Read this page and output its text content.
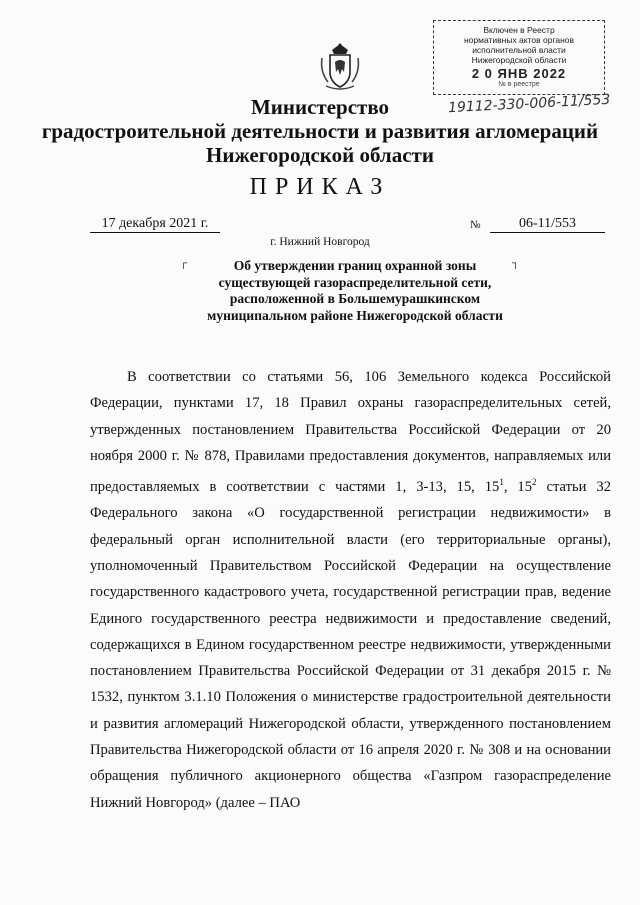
Включен в Реестр
нормативных актов органов
исполнительной власти
Нижегородской области
2 0 ЯНВ 2022
№ в реестре
19112-330-006-11/553
Министерство
градостроительной деятельности и развития агломераций
Нижегородской области
ПРИКАЗ
17 декабря 2021 г.	№	06-11/553
г. Нижний Новгород
┌	┐
Об утверждении границ охранной зоны существующей газораспределительной сети, расположенной в Большемурашкинском муниципальном районе Нижегородской области

В соответствии со статьями 56, 106 Земельного кодекса Российской Федерации, пунктами 17, 18 Правил охраны газораспределительных сетей, утвержденных постановлением Правительства Российской Федерации от 20 ноября 2000 г. № 878, Правилами предоставления документов, направляемых или предоставляемых в соответствии с частями 1, 3-13, 15, $15^1$, $15^2$ статьи 32 Федерального закона «О государственной регистрации недвижимости» в федеральный орган исполнительной власти (его территориальные органы), уполномоченный Правительством Российской Федерации на осуществление государственного кадастрового учета, государственной регистрации прав, ведение Единого государственного реестра недвижимости и предоставление сведений, содержащихся в Едином государственном реестре недвижимости, утвержденными постановлением Правительства Российской Федерации от 31 декабря 2015 г. № 1532, пунктом 3.1.10 Положения о министерстве градостроительной деятельности и развития агломераций Нижегородской области, утвержденного постановлением Правительства Нижегородской области от 16 апреля 2020 г. № 308 и на основании обращения публичного акционерного общества «Газпром газораспределение Нижний Новгород» (далее – ПАО
